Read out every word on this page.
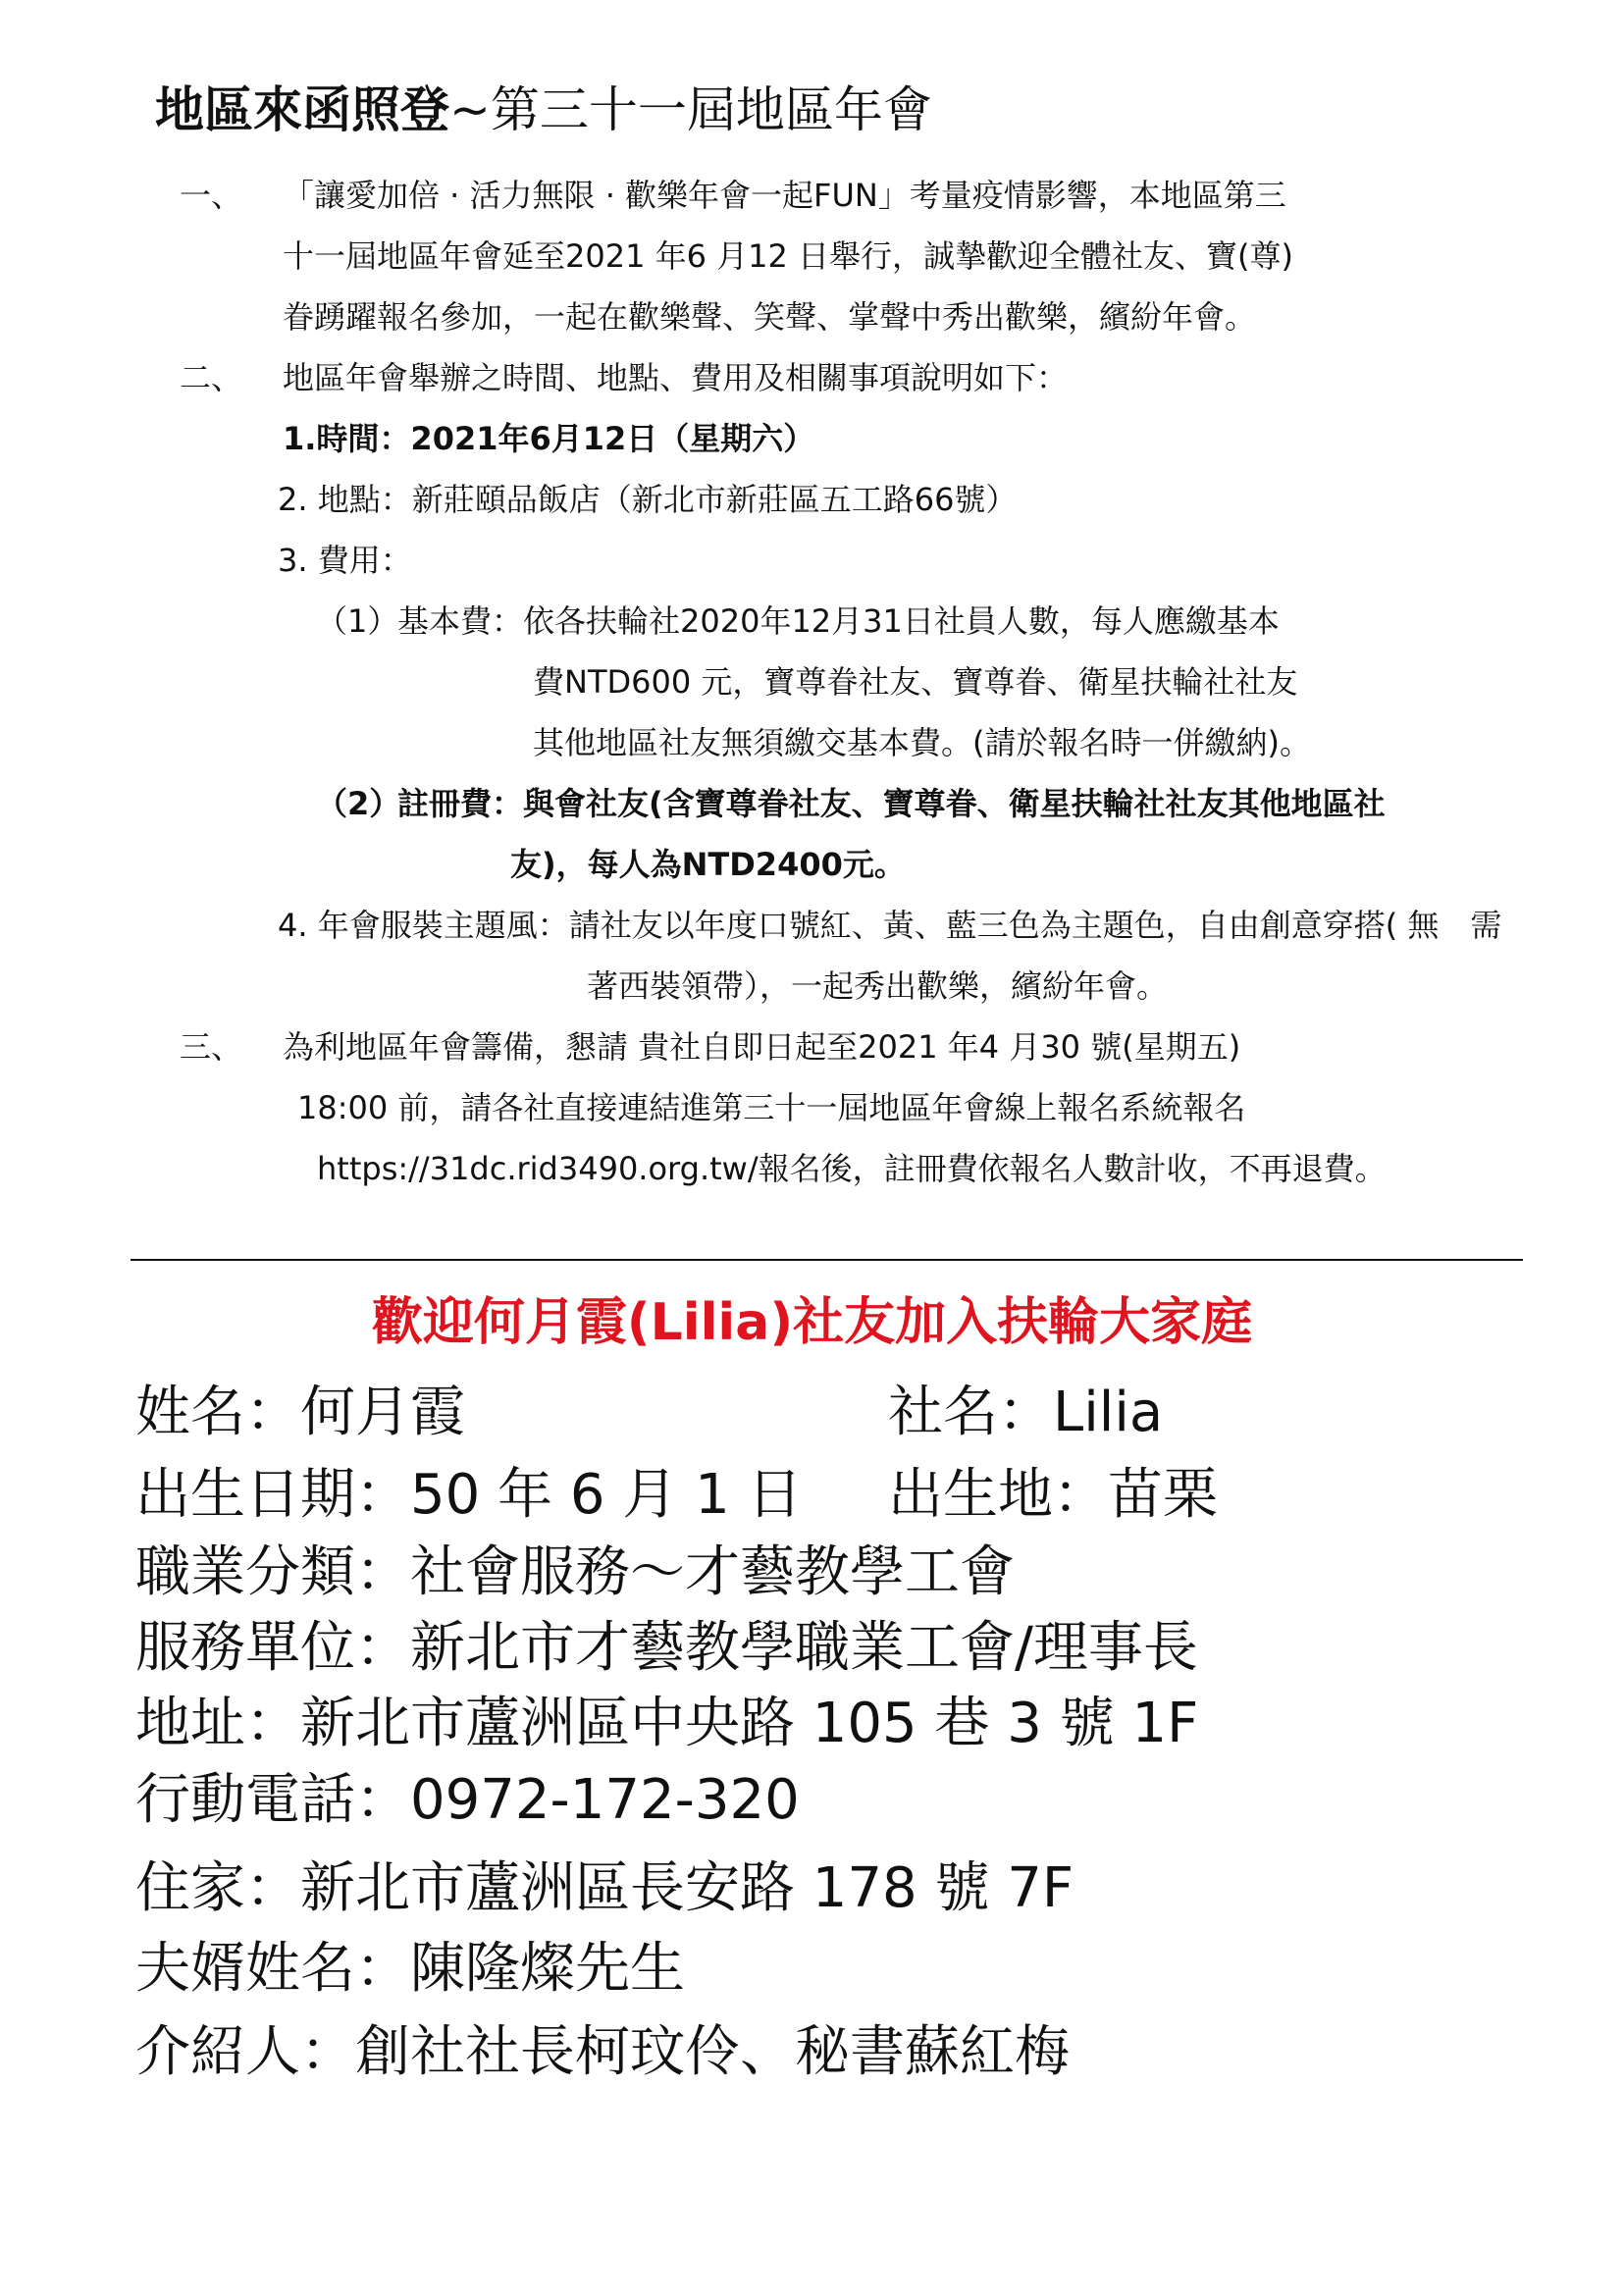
地區來函照登~第三十一屆地區年會
一、 「讓愛加倍 · 活力無限 · 歡樂年會一起FUN」考量疫情影響，本地區第三
十一屆地區年會延至2021 年6 月12 日舉行，誠摯歡迎全體社友、寶(尊)
眷踴躍報名參加，一起在歡樂聲、笑聲、掌聲中秀出歡樂，繽紛年會。
二、 地區年會舉辦之時間、地點、費用及相關事項說明如下：
1.時間：2021年6月12日（星期六）
2. 地點：新莊頤品飯店（新北市新莊區五工路66號）
3. 費用：
（1）
基本費：依各扶輪社2020年12月31日社員人數，每人應繳基本
費NTD600 元，寶尊眷社友、寶尊眷、衛星扶輪社社友
其他地區社友無須繳交基本費。(請於報名時一併繳納)。
（2）
註冊費：與會社友(含寶尊眷社友、寶尊眷、衛星扶輪社社友其他地區社
友)，每人為NTD2400元。
4. 年會服裝主題風：請社友以年度口號紅、黃、藍三色為主題色，自由創意穿搭( 無　需
著西裝領帶），一起秀出歡樂，繽紛年會。
三、 為利地區年會籌備，懇請 貴社自即日起至2021 年4 月30 號(星期五)
18:00 前，請各社直接連結進第三十一屆地區年會線上報名系統報名
https://31dc.rid3490.org.tw/報名後，註冊費依報名人數計收，不再退費。
歡迎何月霞(Lilia)社友加入扶輪大家庭
姓名：何月霞	社名：Lilia
出生日期：50 年 6 月 1 日 出生地：苗栗
職業分類：社會服務～才藝教學工會
服務單位：新北市才藝教學職業工會/理事長
地址：新北市蘆洲區中央路 105 巷 3 號 1F
行動電話：0972-172-320
住家：新北市蘆洲區長安路 178 號 7F
夫婿姓名：陳隆燦先生
介紹人：創社社長柯玟伶、秘書蘇紅梅
